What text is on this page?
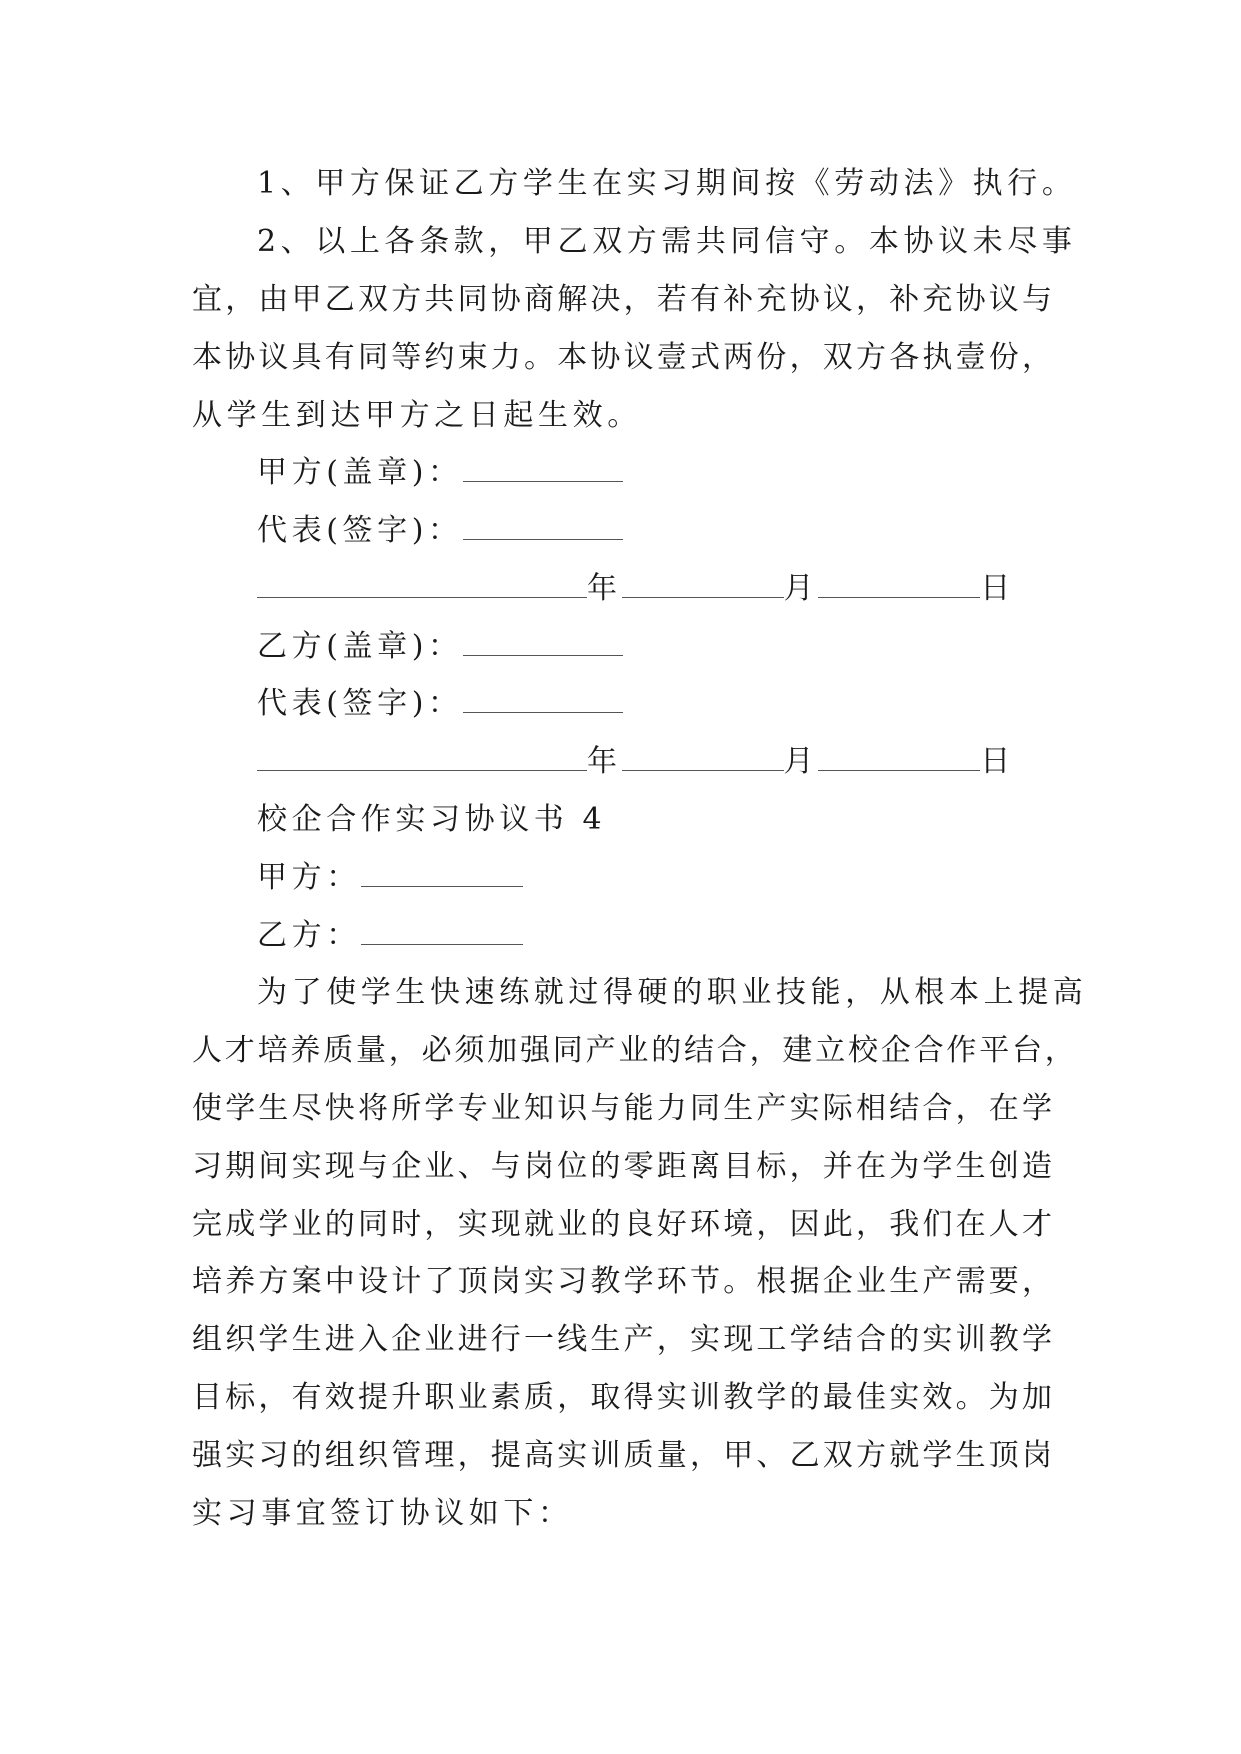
1、甲方保证乙方学生在实习期间按《劳动法》执行。
2、以上各条款，甲乙双方需共同信守。本协议未尽事
宜，由甲乙双方共同协商解决，若有补充协议，补充协议与
本协议具有同等约束力。本协议壹式两份，双方各执壹份，
从学生到达甲方之日起生效。
甲方(盖章)：
代表(签字)：
年	月	日
乙方(盖章)：
代表(签字)：
年	月	日
校企合作实习协议书 4
甲方：
乙方：
为了使学生快速练就过得硬的职业技能，从根本上提高
人才培养质量，必须加强同产业的结合，建立校企合作平台，
使学生尽快将所学专业知识与能力同生产实际相结合，在学
习期间实现与企业、与岗位的零距离目标，并在为学生创造
完成学业的同时，实现就业的良好环境，因此，我们在人才
培养方案中设计了顶岗实习教学环节。根据企业生产需要，
组织学生进入企业进行一线生产，实现工学结合的实训教学
目标，有效提升职业素质，取得实训教学的最佳实效。为加
强实习的组织管理，提高实训质量，甲、乙双方就学生顶岗
实习事宜签订协议如下：
